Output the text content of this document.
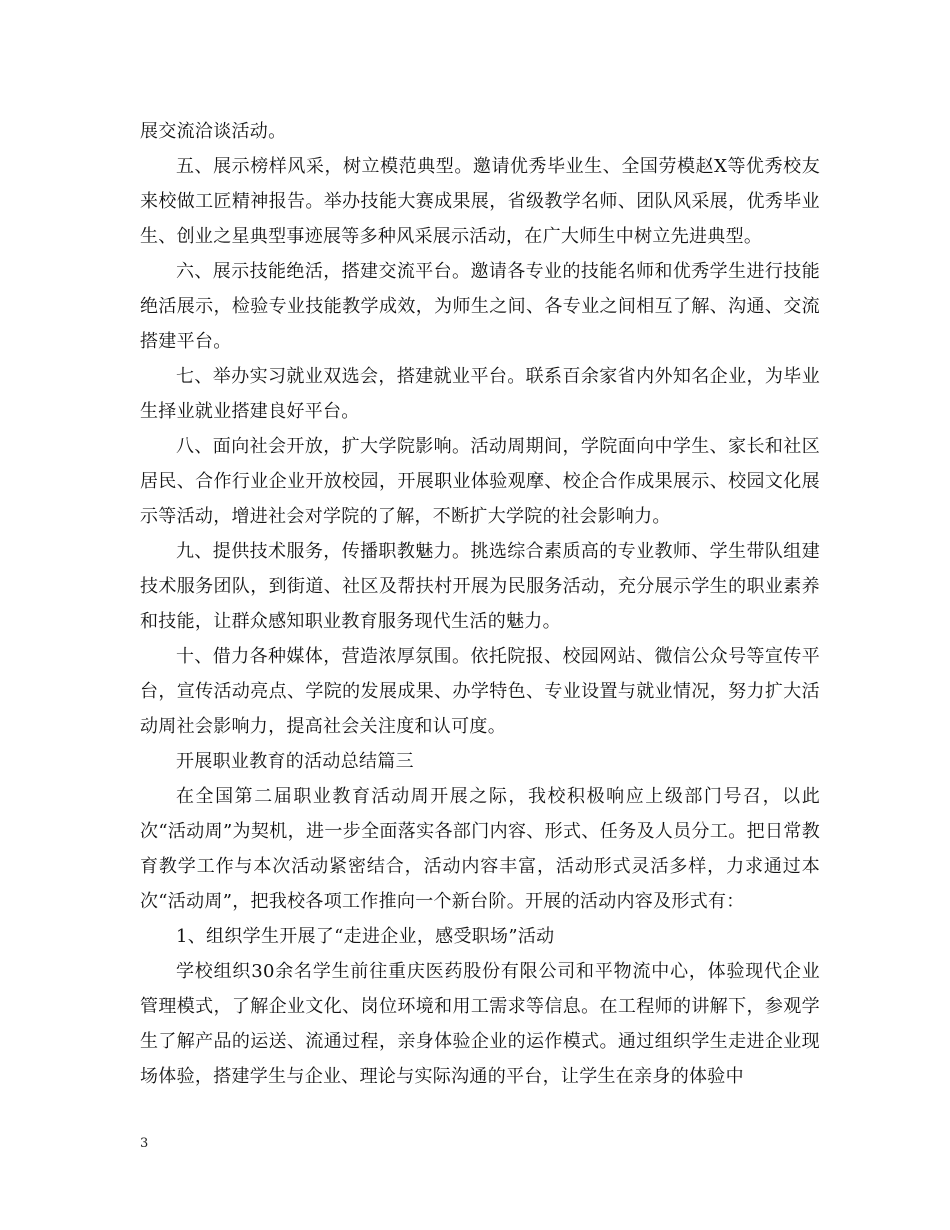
展交流洽谈活动。

五、展示榜样风采，树立模范典型。邀请优秀毕业生、全国劳模赵X等优秀校友来校做工匠精神报告。举办技能大赛成果展，省级教学名师、团队风采展，优秀毕业生、创业之星典型事迹展等多种风采展示活动，在广大师生中树立先进典型。

六、展示技能绝活，搭建交流平台。邀请各专业的技能名师和优秀学生进行技能绝活展示，检验专业技能教学成效，为师生之间、各专业之间相互了解、沟通、交流搭建平台。

七、举办实习就业双选会，搭建就业平台。联系百余家省内外知名企业，为毕业生择业就业搭建良好平台。

八、面向社会开放，扩大学院影响。活动周期间，学院面向中学生、家长和社区居民、合作行业企业开放校园，开展职业体验观摩、校企合作成果展示、校园文化展示等活动，增进社会对学院的了解，不断扩大学院的社会影响力。

九、提供技术服务，传播职教魅力。挑选综合素质高的专业教师、学生带队组建技术服务团队，到街道、社区及帮扶村开展为民服务活动，充分展示学生的职业素养和技能，让群众感知职业教育服务现代生活的魅力。

十、借力各种媒体，营造浓厚氛围。依托院报、校园网站、微信公众号等宣传平台，宣传活动亮点、学院的发展成果、办学特色、专业设置与就业情况，努力扩大活动周社会影响力，提高社会关注度和认可度。

开展职业教育的活动总结篇三

在全国第二届职业教育活动周开展之际，我校积极响应上级部门号召，以此次“活动周”为契机，进一步全面落实各部门内容、形式、任务及人员分工。把日常教育教学工作与本次活动紧密结合，活动内容丰富，活动形式灵活多样，力求通过本次“活动周”，把我校各项工作推向一个新台阶。开展的活动内容及形式有：

1、组织学生开展了“走进企业，感受职场”活动

学校组织30余名学生前往重庆医药股份有限公司和平物流中心，体验现代企业管理模式，了解企业文化、岗位环境和用工需求等信息。在工程师的讲解下，参观学生了解产品的运送、流通过程，亲身体验企业的运作模式。通过组织学生走进企业现场体验，搭建学生与企业、理论与实际沟通的平台，让学生在亲身的体验中

3
